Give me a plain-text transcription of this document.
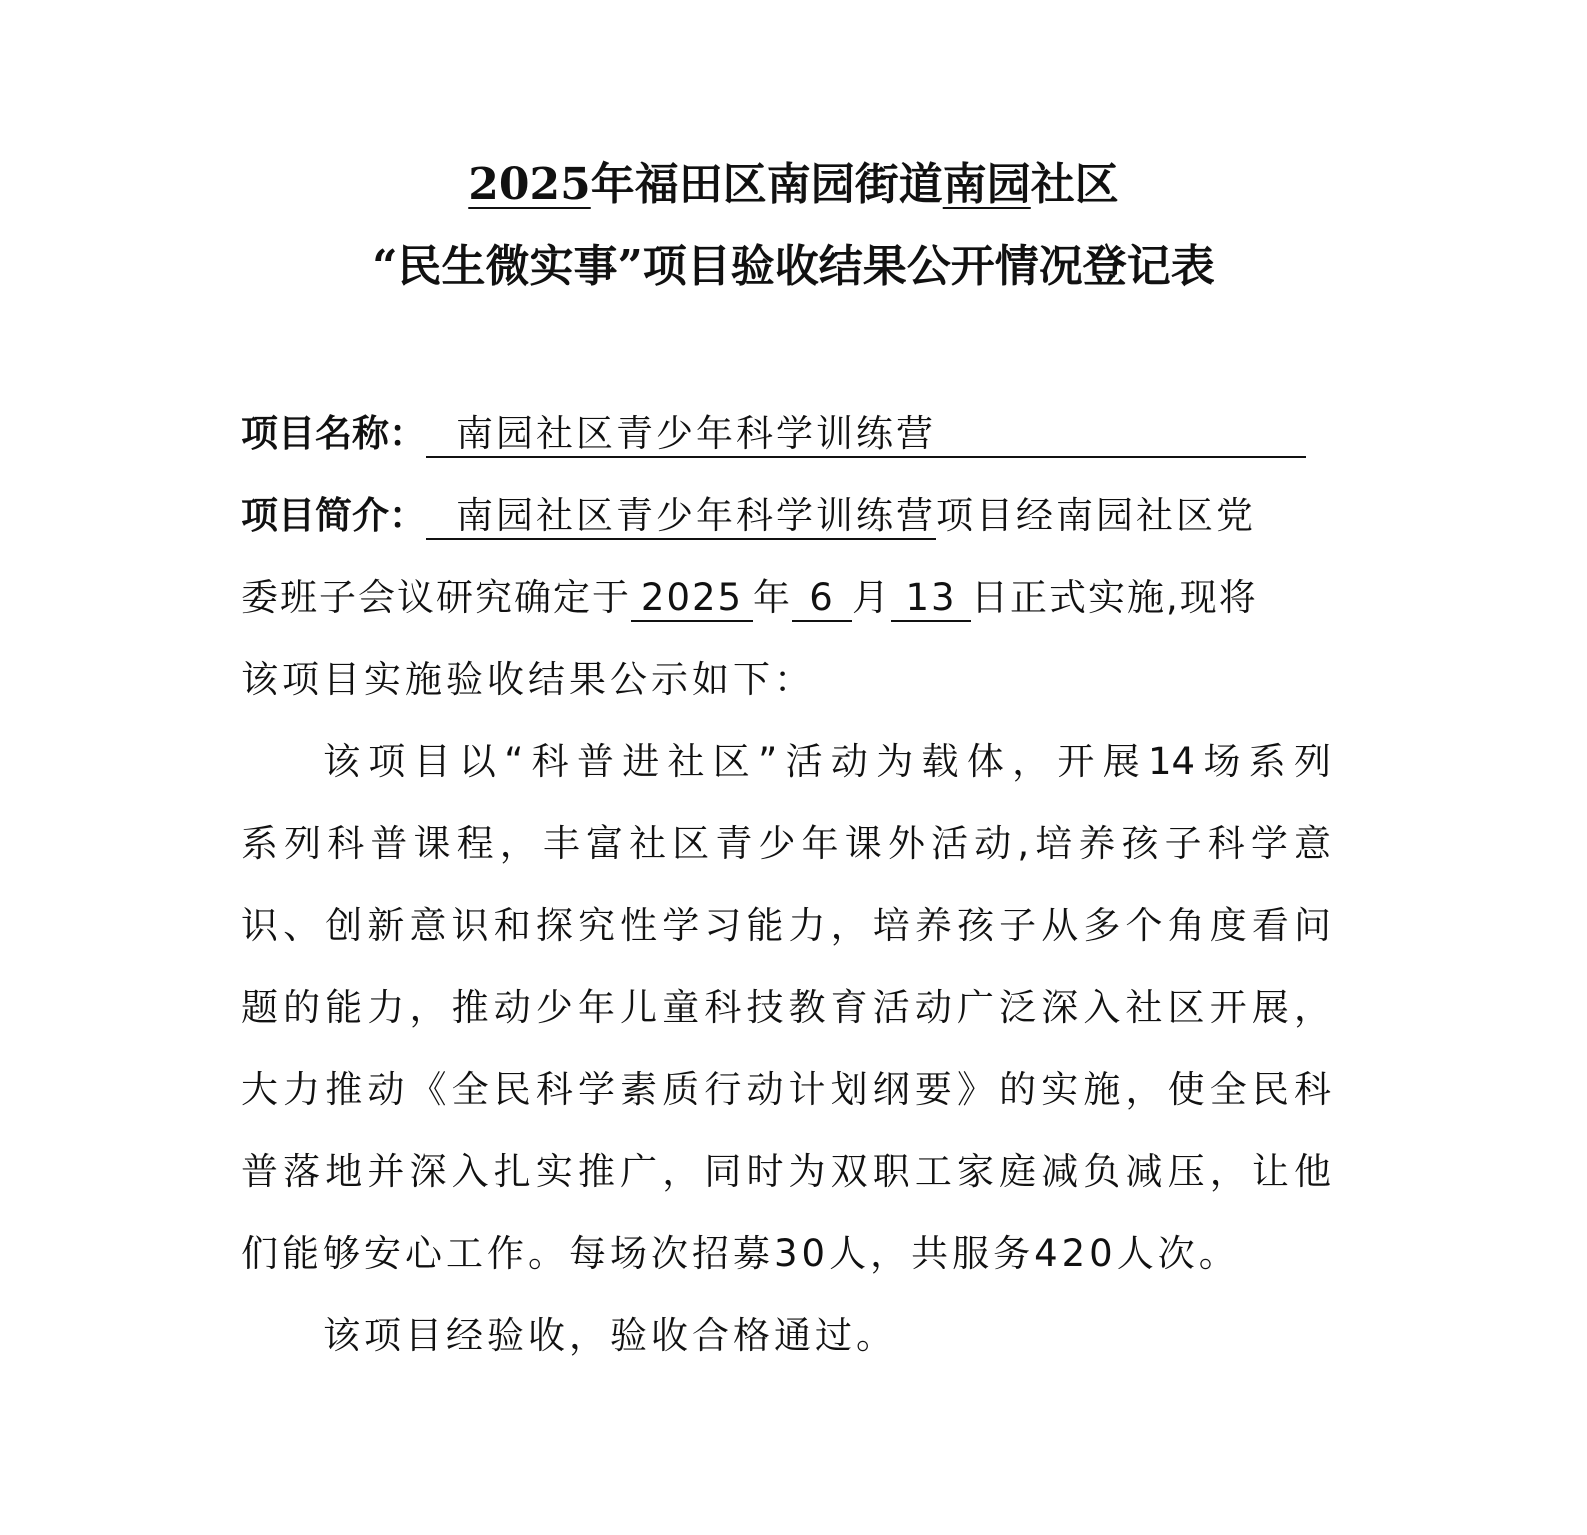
2025年福田区南园街道南园社区
“民生微实事”项目验收结果公开情况登记表
项目名称： 南园社区青少年科学训练营
项目简介： 南园社区青少年科学训练营项目经南园社区党
委班子会议研究确定于 2025 年 6 月 13 日正式实施,现将
该项目实施验收结果公示如下：
该项目以“科普进社区”活动为载体，开展14场系列
系列科普课程，丰富社区青少年课外活动,培养孩子科学意
识、创新意识和探究性学习能力，培养孩子从多个角度看问
题的能力，推动少年儿童科技教育活动广泛深入社区开展，
大力推动《全民科学素质行动计划纲要》的实施，使全民科
普落地并深入扎实推广，同时为双职工家庭减负减压，让他
们能够安心工作。每场次招募30人，共服务420人次。
该项目经验收，验收合格通过。
